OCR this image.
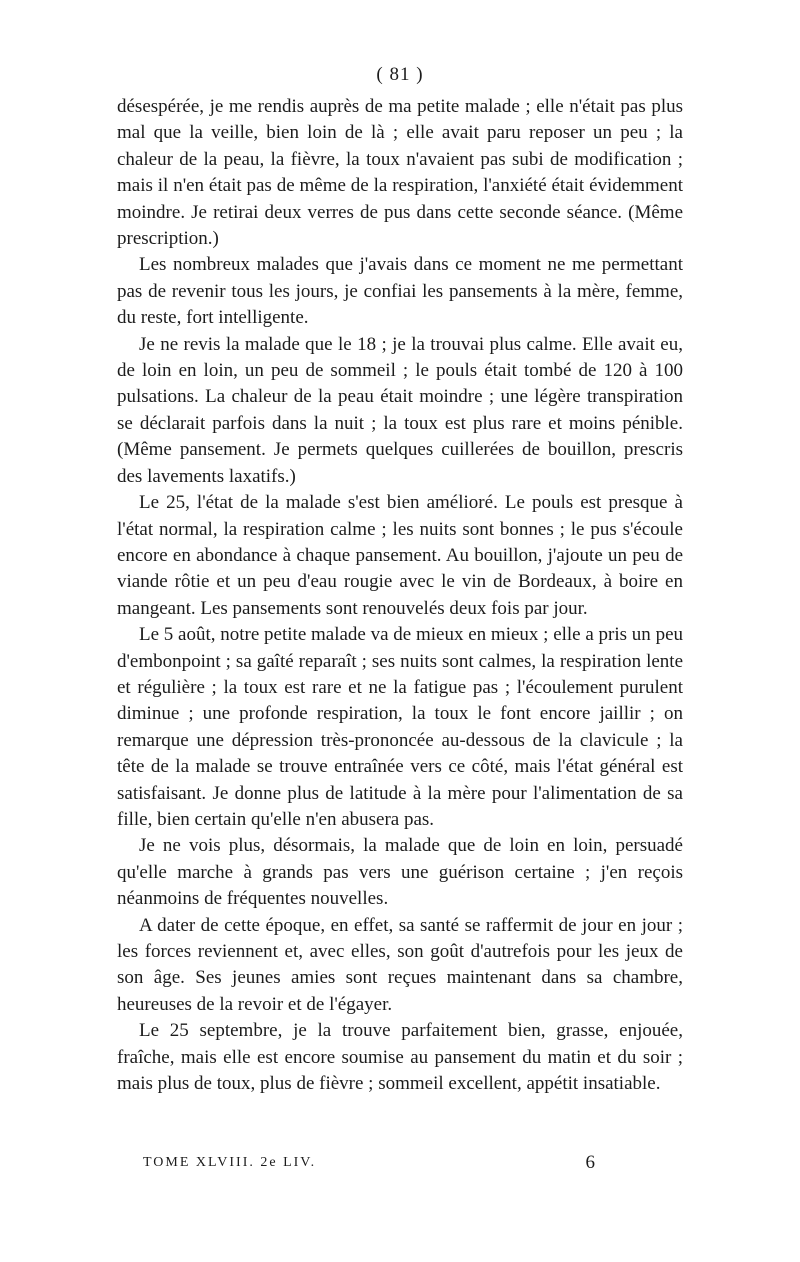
( 81 )

désespérée, je me rendis auprès de ma petite malade ; elle n'était pas plus mal que la veille, bien loin de là ; elle avait paru reposer un peu ; la chaleur de la peau, la fièvre, la toux n'avaient pas subi de modification ; mais il n'en était pas de même de la respiration, l'anxiété était évidemment moindre. Je retirai deux verres de pus dans cette seconde séance. (Même prescription.)

Les nombreux malades que j'avais dans ce moment ne me permettant pas de revenir tous les jours, je confiai les pansements à la mère, femme, du reste, fort intelligente.

Je ne revis la malade que le 18 ; je la trouvai plus calme. Elle avait eu, de loin en loin, un peu de sommeil ; le pouls était tombé de 120 à 100 pulsations. La chaleur de la peau était moindre ; une légère transpiration se déclarait parfois dans la nuit ; la toux est plus rare et moins pénible. (Même pansement. Je permets quelques cuillerées de bouillon, prescris des lavements laxatifs.)

Le 25, l'état de la malade s'est bien amélioré. Le pouls est presque à l'état normal, la respiration calme ; les nuits sont bonnes ; le pus s'écoule encore en abondance à chaque pansement. Au bouillon, j'ajoute un peu de viande rôtie et un peu d'eau rougie avec le vin de Bordeaux, à boire en mangeant. Les pansements sont renouvelés deux fois par jour.

Le 5 août, notre petite malade va de mieux en mieux ; elle a pris un peu d'embonpoint ; sa gaîté reparaît ; ses nuits sont calmes, la respiration lente et régulière ; la toux est rare et ne la fatigue pas ; l'écoulement purulent diminue ; une profonde respiration, la toux le font encore jaillir ; on remarque une dépression très-prononcée au-dessous de la clavicule ; la tête de la malade se trouve entraînée vers ce côté, mais l'état général est satisfaisant. Je donne plus de latitude à la mère pour l'alimentation de sa fille, bien certain qu'elle n'en abusera pas.

Je ne vois plus, désormais, la malade que de loin en loin, persuadé qu'elle marche à grands pas vers une guérison certaine ; j'en reçois néanmoins de fréquentes nouvelles.

A dater de cette époque, en effet, sa santé se raffermit de jour en jour ; les forces reviennent et, avec elles, son goût d'autrefois pour les jeux de son âge. Ses jeunes amies sont reçues maintenant dans sa chambre, heureuses de la revoir et de l'égayer.

Le 25 septembre, je la trouve parfaitement bien, grasse, enjouée, fraîche, mais elle est encore soumise au pansement du matin et du soir ; mais plus de toux, plus de fièvre ; sommeil excellent, appétit insatiable.

TOME XLVIII. 2e LIV.	6
